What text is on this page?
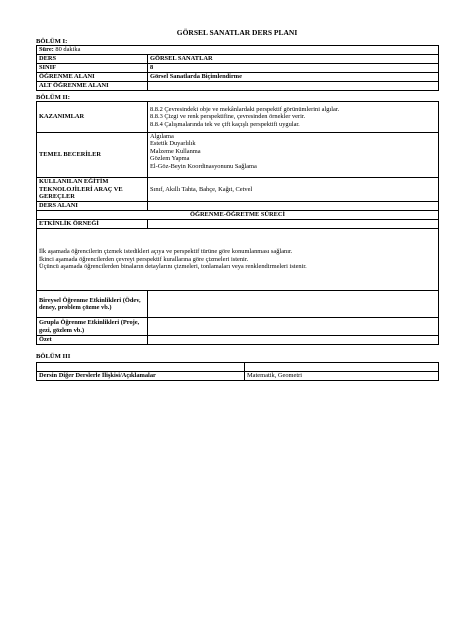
GÖRSEL SANATLAR DERS PLANI
BÖLÜM I:
Süre: 80 dakika	
DERS	GÖRSEL SANATLAR
SINIF	8
ÖĞRENME ALANI	Görsel Sanatlarda Biçimlendirme
ALT ÖĞRENME ALANI	
BÖLÜM II:
KAZANIMLAR	8.8.2 Çevresindeki obje ve mekânlardaki perspektif görünümlerini algılar.
8.8.3 Çizgi ve renk perspektifine, çevresinden örnekler verir.
8.8.4 Çalışmalarında tek ve çift kaçışlı perspektifi uygular.

TEMEL BECERİLER	Algılama
Estetik Duyarlılık
Malzeme Kullanma
Gözlem Yapma
El-Göz-Beyin Koordinasyonunu Sağlama

KULLANILAN EĞİTİM TEKNOLOJİLERİ ARAÇ VE GEREÇLER	Sınıf, Akıllı Tahta, Bahçe, Kağıt, Cetvel
DERS ALANI	
ÖĞRENME-ÖĞRETME SÜRECİ	
ETKİNLİK ÖRNEĞİ	

İlk aşamada öğrencilerin çizmek istedikleri açıya ve perspektif türüne göre konumlanması sağlanır.
İkinci aşamada öğrencilerden çevreyi perspektif kurallarına göre çizmeleri istenir.
Üçüncü aşamada öğrencilerden binaların detaylarını çizmeleri, tonlamaları veya renklendirmeleri istenir.	

Bireysel Öğrenme Etkinlikleri (Ödev, deney, problem çözme vb.)	
Grupla Öğrenme Etkinlikleri (Proje, gezi, gözlem vb.)	
Özet	
BÖLÜM III

Dersin Diğer Derslerle İlişkisi/Açıklamalar	Matematik, Geometri
